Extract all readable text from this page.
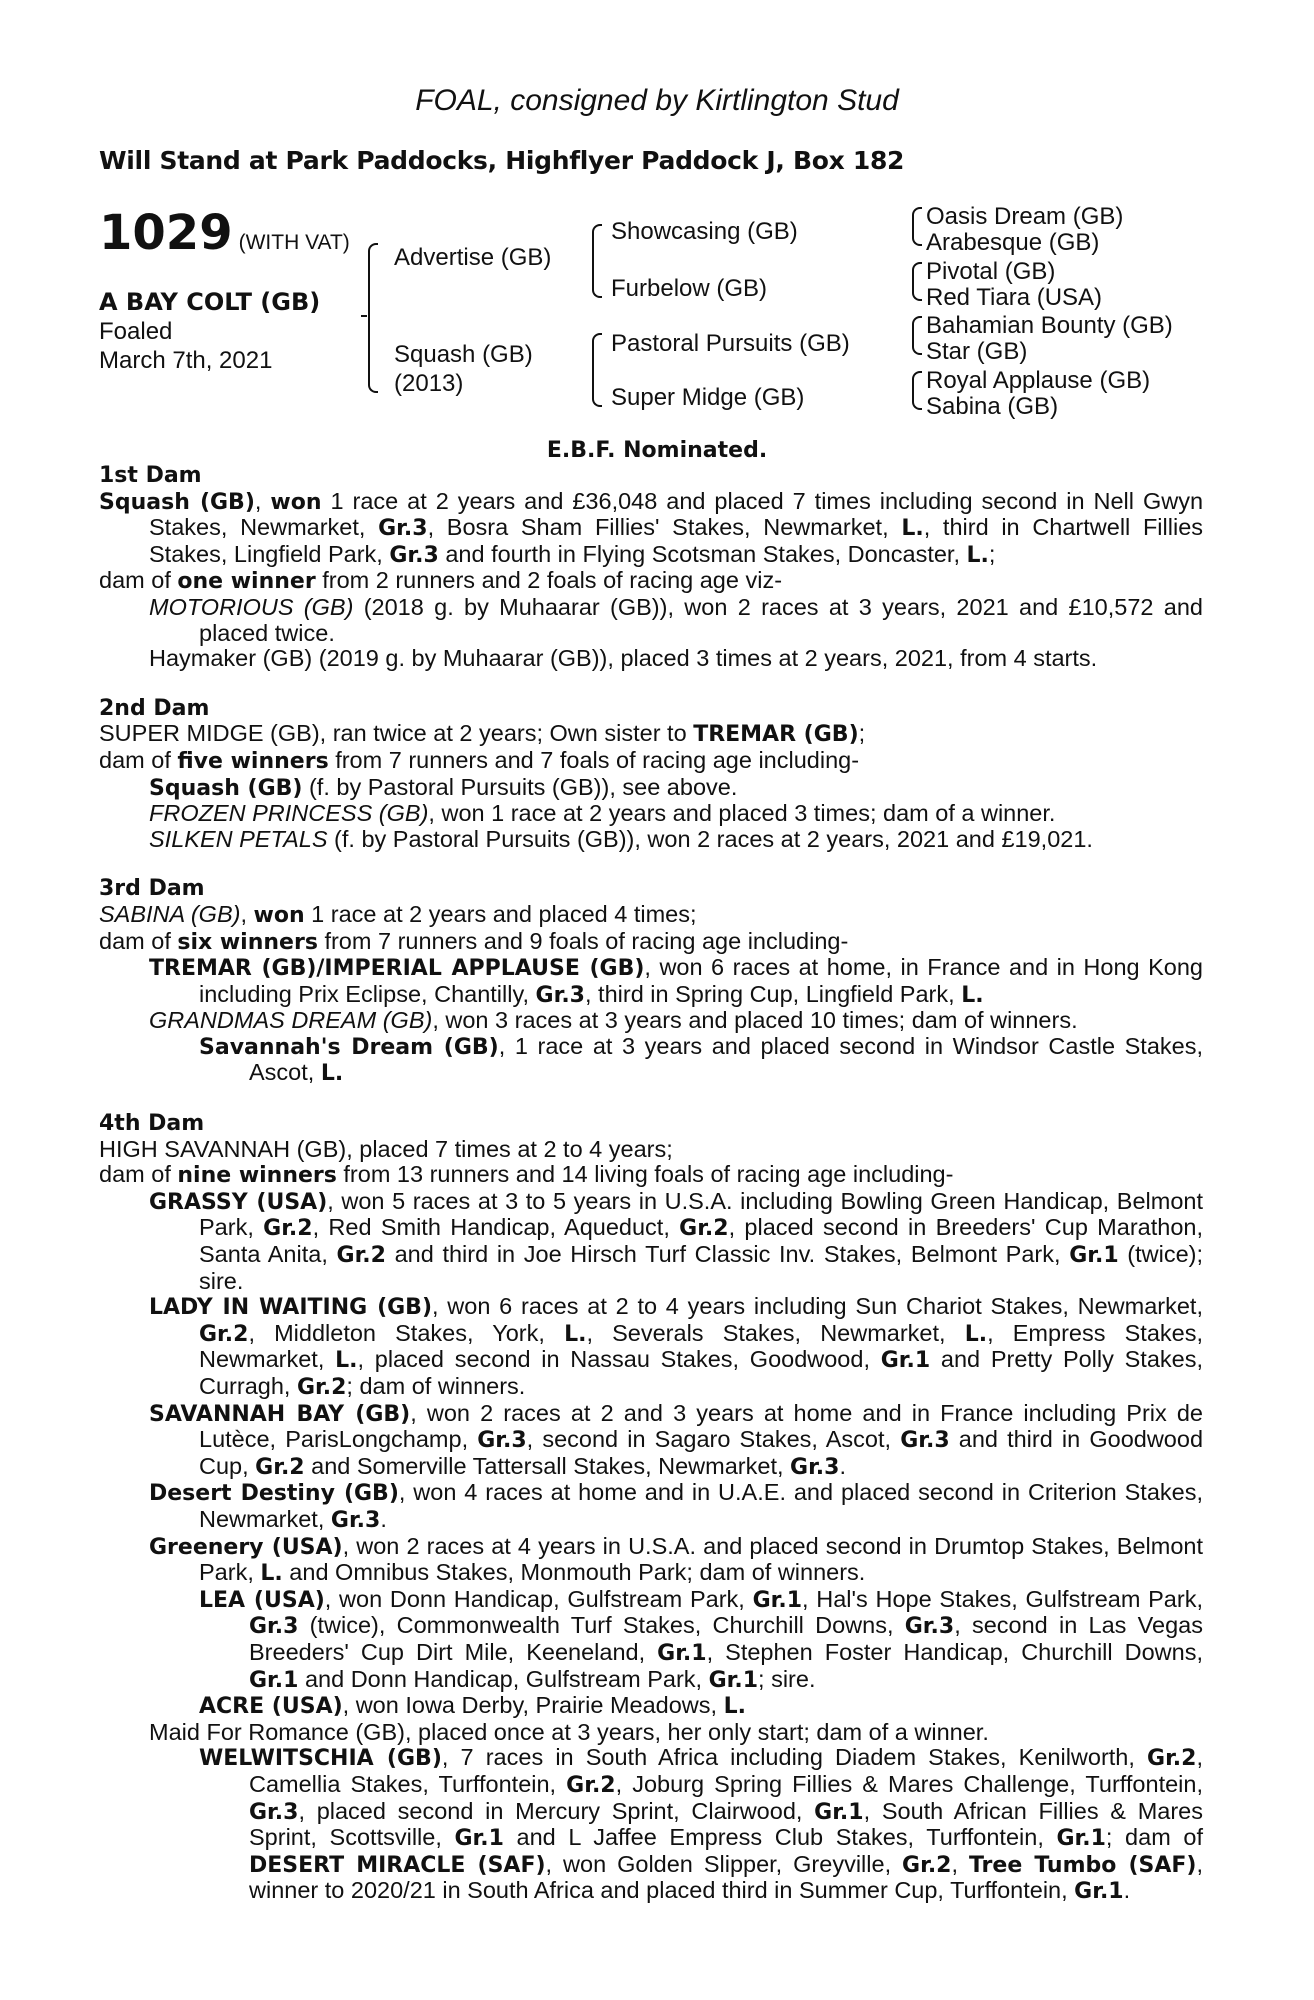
FOAL, consigned by Kirtlington Stud
Will Stand at Park Paddocks, Highflyer Paddock J, Box 182
1029 (WITH VAT)
A BAY COLT (GB)
Foaled
March 7th, 2021
Advertise (GB)
Squash (GB)
(2013)
Showcasing (GB)
Furbelow (GB)
Pastoral Pursuits (GB)
Super Midge (GB)
Oasis Dream (GB)
Arabesque (GB)
Pivotal (GB)
Red Tiara (USA)
Bahamian Bounty (GB)
Star (GB)
Royal Applause (GB)
Sabina (GB)
E.B.F. Nominated.
1st Dam

Squash (GB), won 1 race at 2 years and £36,048 and placed 7 times including second in Nell Gwyn Stakes, Newmarket, Gr.3, Bosra Sham Fillies' Stakes, Newmarket, L., third in Chartwell Fillies Stakes, Lingfield Park, Gr.3 and fourth in Flying Scotsman Stakes, Doncaster, L.;

dam of one winner from 2 runners and 2 foals of racing age viz-

MOTORIOUS (GB) (2018 g. by Muhaarar (GB)), won 2 races at 3 years, 2021 and £10,572 and placed twice.

Haymaker (GB) (2019 g. by Muhaarar (GB)), placed 3 times at 2 years, 2021, from 4 starts.

2nd Dam

SUPER MIDGE (GB), ran twice at 2 years; Own sister to TREMAR (GB);

dam of five winners from 7 runners and 7 foals of racing age including-

Squash (GB) (f. by Pastoral Pursuits (GB)), see above.

FROZEN PRINCESS (GB), won 1 race at 2 years and placed 3 times; dam of a winner.

SILKEN PETALS (f. by Pastoral Pursuits (GB)), won 2 races at 2 years, 2021 and £19,021.

3rd Dam

SABINA (GB), won 1 race at 2 years and placed 4 times;

dam of six winners from 7 runners and 9 foals of racing age including-

TREMAR (GB)/IMPERIAL APPLAUSE (GB), won 6 races at home, in France and in Hong Kong including Prix Eclipse, Chantilly, Gr.3, third in Spring Cup, Lingfield Park, L.

GRANDMAS DREAM (GB), won 3 races at 3 years and placed 10 times; dam of winners.

Savannah's Dream (GB), 1 race at 3 years and placed second in Windsor Castle Stakes, Ascot, L.

4th Dam

HIGH SAVANNAH (GB), placed 7 times at 2 to 4 years;

dam of nine winners from 13 runners and 14 living foals of racing age including-

GRASSY (USA), won 5 races at 3 to 5 years in U.S.A. including Bowling Green Handicap, Belmont Park, Gr.2, Red Smith Handicap, Aqueduct, Gr.2, placed second in Breeders' Cup Marathon, Santa Anita, Gr.2 and third in Joe Hirsch Turf Classic Inv. Stakes, Belmont Park, Gr.1 (twice); sire.

LADY IN WAITING (GB), won 6 races at 2 to 4 years including Sun Chariot Stakes, Newmarket, Gr.2, Middleton Stakes, York, L., Severals Stakes, Newmarket, L., Empress Stakes, Newmarket, L., placed second in Nassau Stakes, Goodwood, Gr.1 and Pretty Polly Stakes, Curragh, Gr.2; dam of winners.

SAVANNAH BAY (GB), won 2 races at 2 and 3 years at home and in France including Prix de Lutèce, ParisLongchamp, Gr.3, second in Sagaro Stakes, Ascot, Gr.3 and third in Goodwood Cup, Gr.2 and Somerville Tattersall Stakes, Newmarket, Gr.3.

Desert Destiny (GB), won 4 races at home and in U.A.E. and placed second in Criterion Stakes, Newmarket, Gr.3.

Greenery (USA), won 2 races at 4 years in U.S.A. and placed second in Drumtop Stakes, Belmont Park, L. and Omnibus Stakes, Monmouth Park; dam of winners.

LEA (USA), won Donn Handicap, Gulfstream Park, Gr.1, Hal's Hope Stakes, Gulfstream Park, Gr.3 (twice), Commonwealth Turf Stakes, Churchill Downs, Gr.3, second in Las Vegas Breeders' Cup Dirt Mile, Keeneland, Gr.1, Stephen Foster Handicap, Churchill Downs, Gr.1 and Donn Handicap, Gulfstream Park, Gr.1; sire.

ACRE (USA), won Iowa Derby, Prairie Meadows, L.

Maid For Romance (GB), placed once at 3 years, her only start; dam of a winner.

WELWITSCHIA (GB), 7 races in South Africa including Diadem Stakes, Kenilworth, Gr.2, Camellia Stakes, Turffontein, Gr.2, Joburg Spring Fillies & Mares Challenge, Turffontein, Gr.3, placed second in Mercury Sprint, Clairwood, Gr.1, South African Fillies & Mares Sprint, Scottsville, Gr.1 and L Jaffee Empress Club Stakes, Turffontein, Gr.1; dam of DESERT MIRACLE (SAF), won Golden Slipper, Greyville, Gr.2, Tree Tumbo (SAF), winner to 2020/21 in South Africa and placed third in Summer Cup, Turffontein, Gr.1.
